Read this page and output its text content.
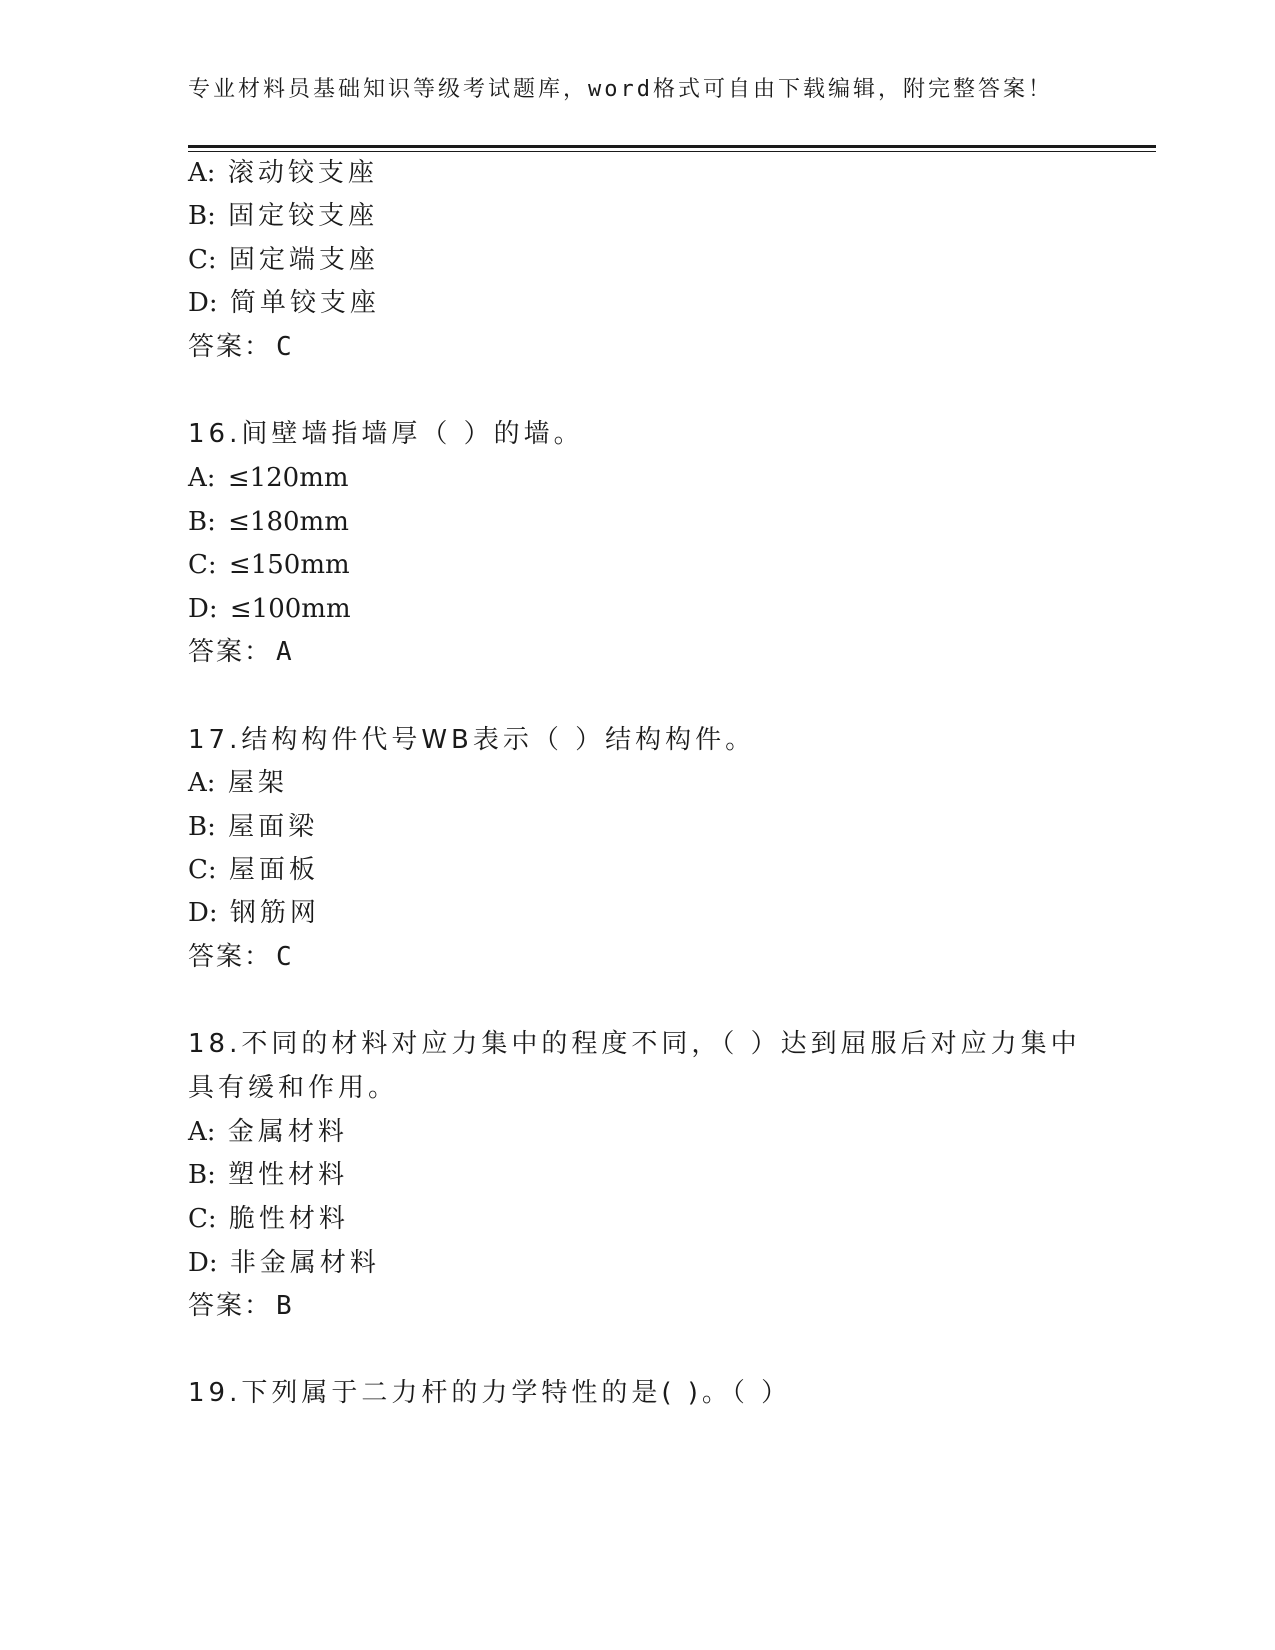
专业材料员基础知识等级考试题库，word格式可自由下载编辑，附完整答案！
A: 滚动铰支座
B: 固定铰支座
C: 固定端支座
D: 简单铰支座
答案： C
16.间壁墙指墙厚（ ）的墙。
A: ≤120mm
B: ≤180mm
C: ≤150mm
D: ≤100mm
答案： A
17.结构构件代号WB表示（ ）结构构件。
A: 屋架
B: 屋面梁
C: 屋面板
D: 钢筋网
答案： C
18.不同的材料对应力集中的程度不同，（ ）达到屈服后对应力集中
具有缓和作用。
A: 金属材料
B: 塑性材料
C: 脆性材料
D: 非金属材料
答案： B
19.下列属于二力杆的力学特性的是( )。（ ）
